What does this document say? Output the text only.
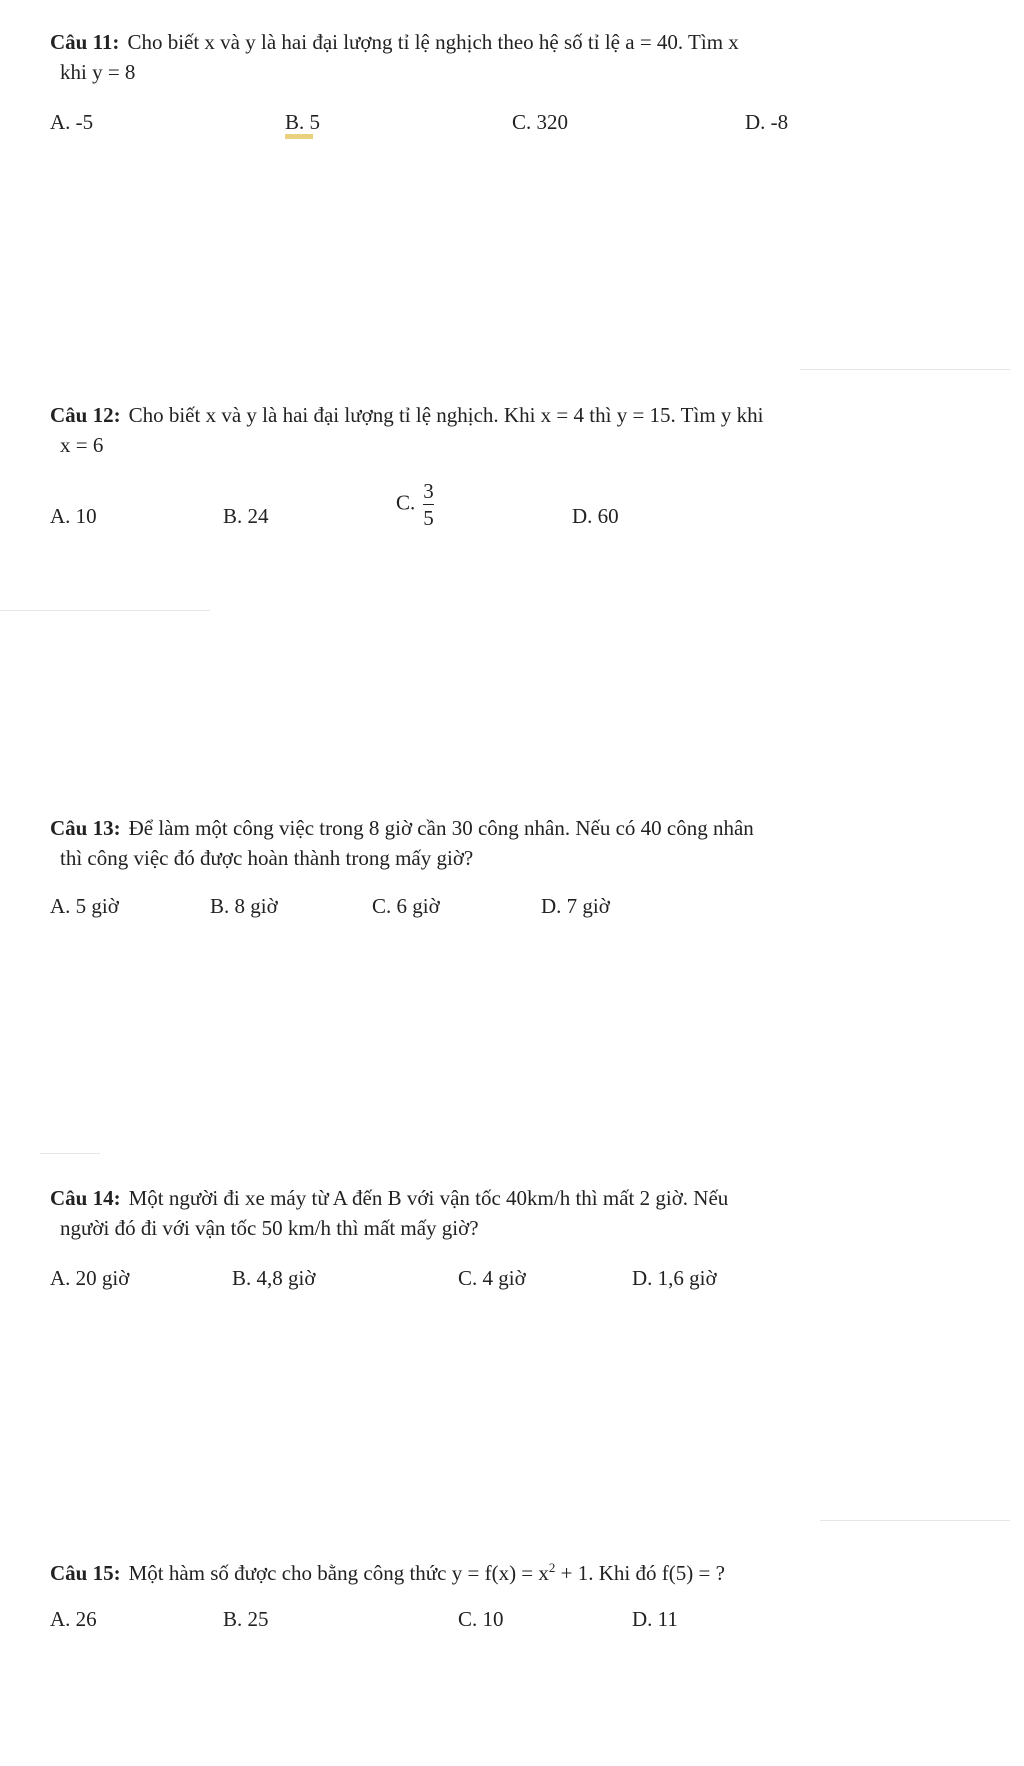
Câu 11: Cho biết x và y là hai đại lượng tỉ lệ nghịch theo hệ số tỉ lệ a = 40. Tìm x
khi y = 8
A. -5	B. 5	C. 320	D. -8
Câu 12: Cho biết x và y là hai đại lượng tỉ lệ nghịch. Khi x = 4 thì y = 15. Tìm y khi
x = 6
A. 10	B. 24
C. $\frac{3}{5}$	D. 60
Câu 13: Để làm một công việc trong 8 giờ cần 30 công nhân. Nếu có 40 công nhân
thì công việc đó được hoàn thành trong mấy giờ?
A. 5 giờ	B. 8 giờ	C. 6 giờ	D. 7 giờ
Câu 14: Một người đi xe máy từ A đến B với vận tốc 40km/h thì mất 2 giờ. Nếu
người đó đi với vận tốc 50 km/h thì mất mấy giờ?
A. 20 giờ	B. 4,8 giờ	C. 4 giờ	D. 1,6 giờ
Câu 15: Một hàm số được cho bằng công thức $y = f(x) = x^2 + 1$. Khi đó f(5) = ?
A. 26	B. 25	C. 10	D. 11
